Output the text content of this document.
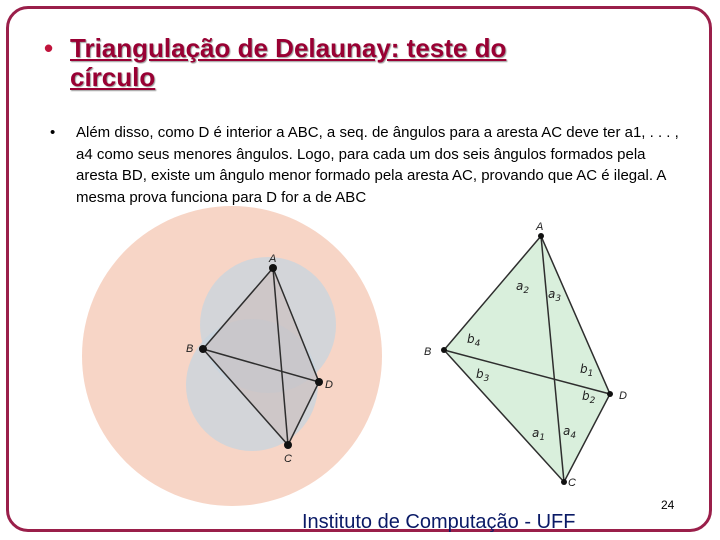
• Triangulação de Delaunay: teste do
círculo
•	Além disso, como D é interior a ABC, a seq. de ângulos para a aresta AC deve ter a1, . . . , a4 como seus menores ângulos. Logo, para cada um dos seis ângulos formados pela aresta BD, existe um ângulo menor formado pela aresta AC, provando que AC é ilegal. A mesma prova funciona para D for a de ABC
A
B
C
D
A
B
C
D
a2 a3
b4
b3
b1
b2
a1 a4
Instituto de Computação - UFF
24
